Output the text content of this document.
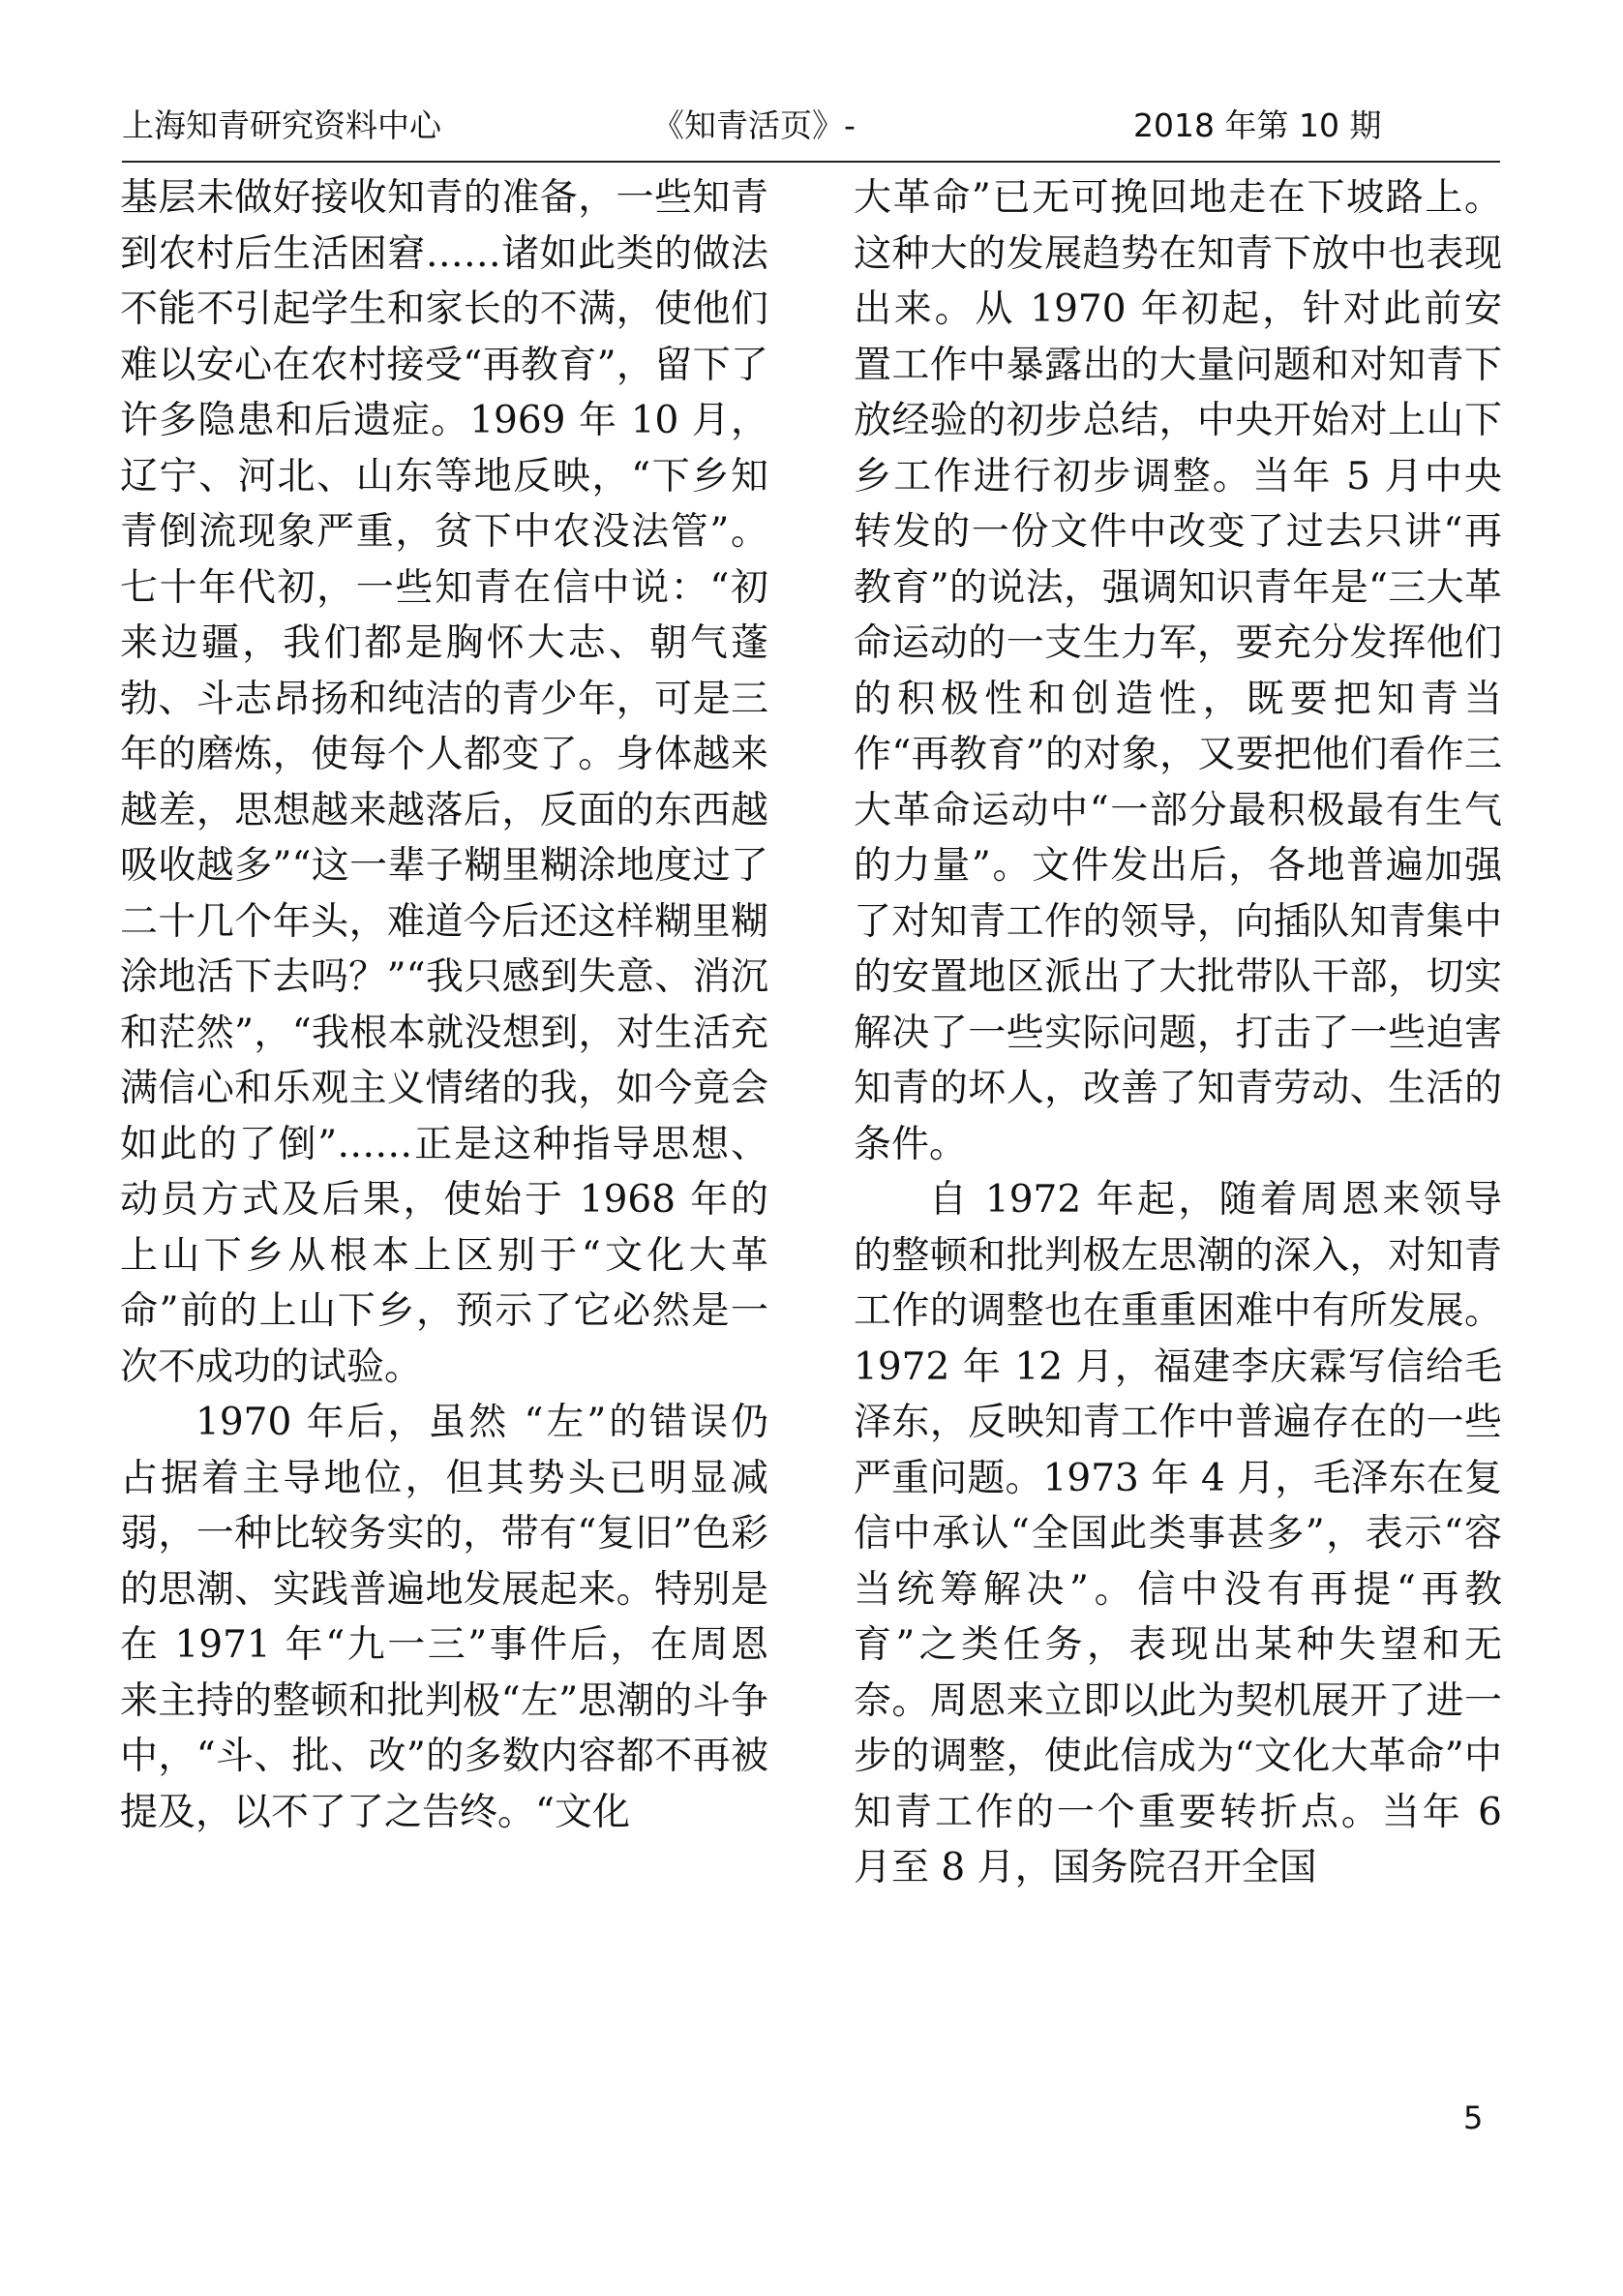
上海知青研究资料中心	《知青活页》-	2018 年第 10 期

基层未做好接收知青的准备，一些知青到农村后生活困窘……诸如此类的做法不能不引起学生和家长的不满，使他们难以安心在农村接受“再教育”，留下了许多隐患和后遗症。1969 年 10 月，辽宁、河北、山东等地反映，“下乡知青倒流现象严重，贫下中农没法管”。七十年代初，一些知青在信中说：“初来边疆，我们都是胸怀大志、朝气蓬勃、斗志昂扬和纯洁的青少年，可是三年的磨炼，使每个人都变了。身体越来越差，思想越来越落后，反面的东西越吸收越多”“这一辈子糊里糊涂地度过了二十几个年头，难道今后还这样糊里糊涂地活下去吗？”“我只感到失意、消沉和茫然”，“我根本就没想到，对生活充满信心和乐观主义情绪的我，如今竟会如此的了倒”……正是这种指导思想、动员方式及后果，使始于 1968 年的上山下乡从根本上区别于“文化大革命”前的上山下乡，预示了它必然是一次不成功的试验。

1970 年后，虽然 “左”的错误仍占据着主导地位，但其势头已明显减弱，一种比较务实的，带有“复旧”色彩的思潮、实践普遍地发展起来。特别是在 1971 年“九一三”事件后，在周恩来主持的整顿和批判极“左”思潮的斗争中，“斗、批、改”的多数内容都不再被提及，以不了了之告终。“文化

大革命”已无可挽回地走在下坡路上。这种大的发展趋势在知青下放中也表现出来。从 1970 年初起，针对此前安置工作中暴露出的大量问题和对知青下放经验的初步总结，中央开始对上山下乡工作进行初步调整。当年 5 月中央转发的一份文件中改变了过去只讲“再教育”的说法，强调知识青年是“三大革命运动的一支生力军，要充分发挥他们的积极性和创造性，既要把知青当作“再教育”的对象，又要把他们看作三大革命运动中“一部分最积极最有生气的力量”。文件发出后，各地普遍加强了对知青工作的领导，向插队知青集中的安置地区派出了大批带队干部，切实解决了一些实际问题，打击了一些迫害知青的坏人，改善了知青劳动、生活的条件。

自 1972 年起，随着周恩来领导的整顿和批判极左思潮的深入，对知青工作的调整也在重重困难中有所发展。1972 年 12 月，福建李庆霖写信给毛泽东，反映知青工作中普遍存在的一些严重问题。1973 年 4 月，毛泽东在复信中承认“全国此类事甚多”，表示“容当统筹解决”。信中没有再提“再教育”之类任务，表现出某种失望和无奈。周恩来立即以此为契机展开了进一步的调整，使此信成为“文化大革命”中知青工作的一个重要转折点。当年 6 月至 8 月，国务院召开全国

5
